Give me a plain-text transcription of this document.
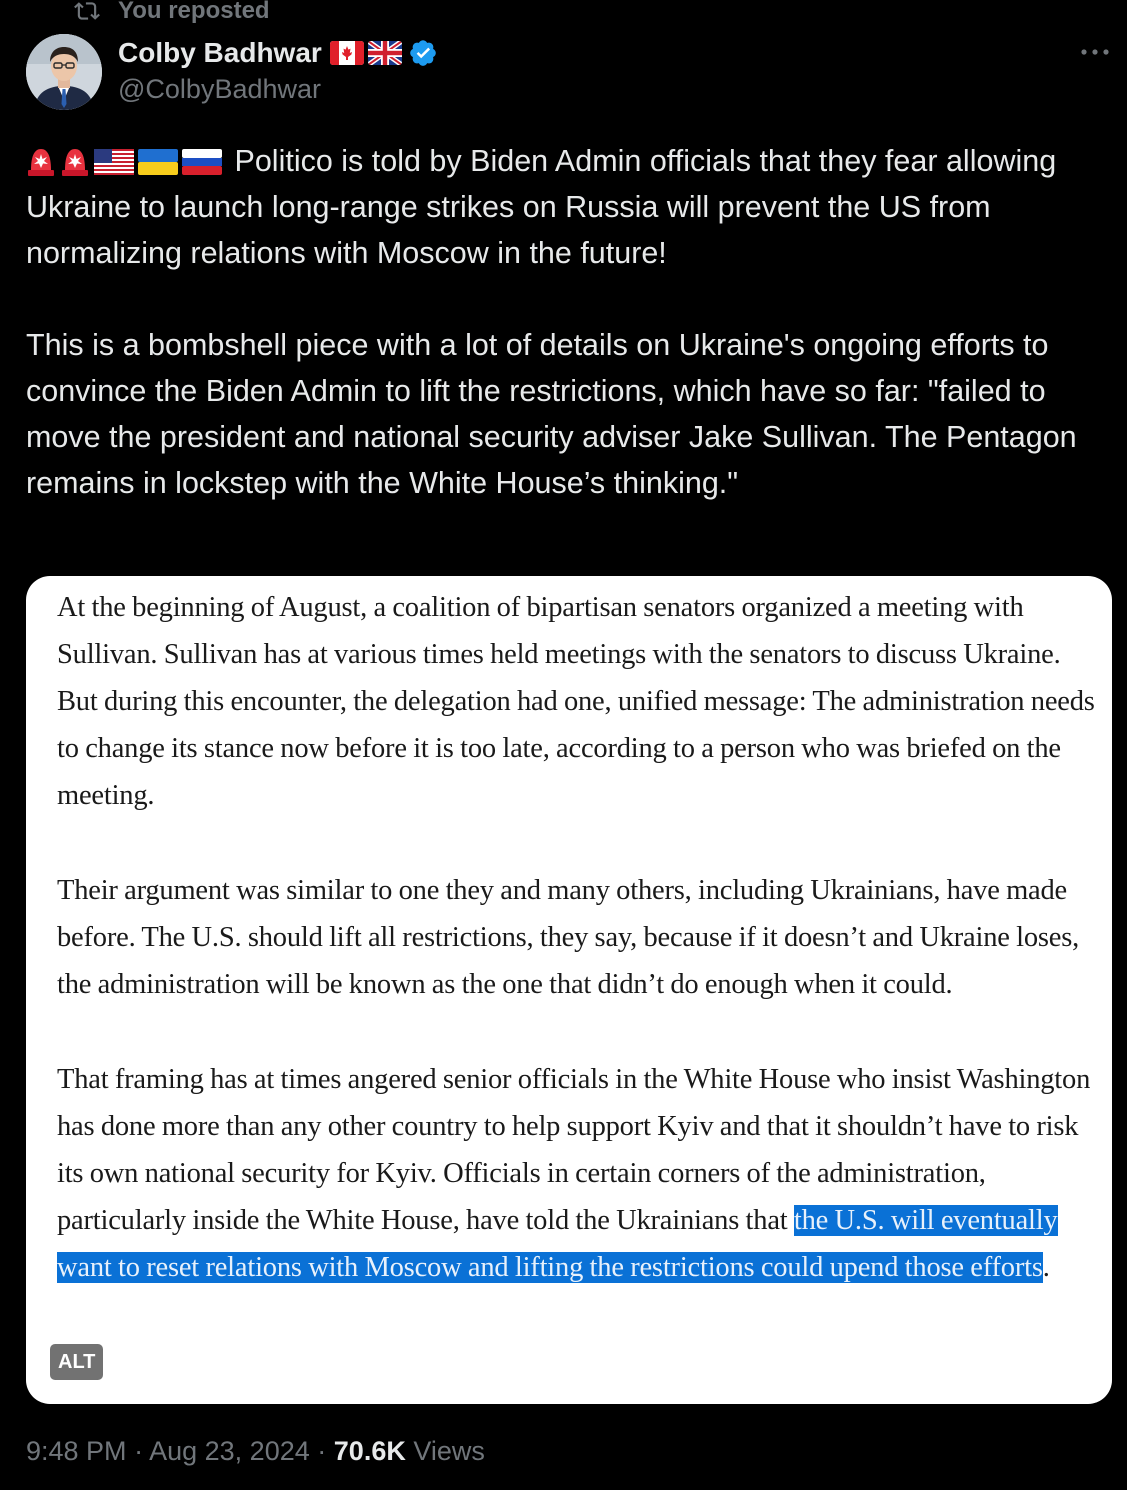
You reposted
Colby Badhwar
@ColbyBadhwar

Politico is told by Biden Admin officials that they fear allowing Ukraine to launch long-range strikes on Russia will prevent the US from normalizing relations with Moscow in the future!

This is a bombshell piece with a lot of details on Ukraine's ongoing efforts to convince the Biden Admin to lift the restrictions, which have so far: "failed to move the president and national security adviser Jake Sullivan. The Pentagon remains in lockstep with the White House’s thinking."

At the beginning of August, a coalition of bipartisan senators organized a meeting with Sullivan. Sullivan has at various times held meetings with the senators to discuss Ukraine. But during this encounter, the delegation had one, unified message: The administration needs to change its stance now before it is too late, according to a person who was briefed on the meeting.

Their argument was similar to one they and many others, including Ukrainians, have made before. The U.S. should lift all restrictions, they say, because if it doesn’t and Ukraine loses, the administration will be known as the one that didn’t do enough when it could.

That framing has at times angered senior officials in the White House who insist Washington has done more than any other country to help support Kyiv and that it shouldn’t have to risk its own national security for Kyiv. Officials in certain corners of the administration, particularly inside the White House, have told the Ukrainians that the U.S. will eventually want to reset relations with Moscow and lifting the restrictions could upend those efforts.

ALT
9:48 PM · Aug 23, 2024 · 70.6K Views
